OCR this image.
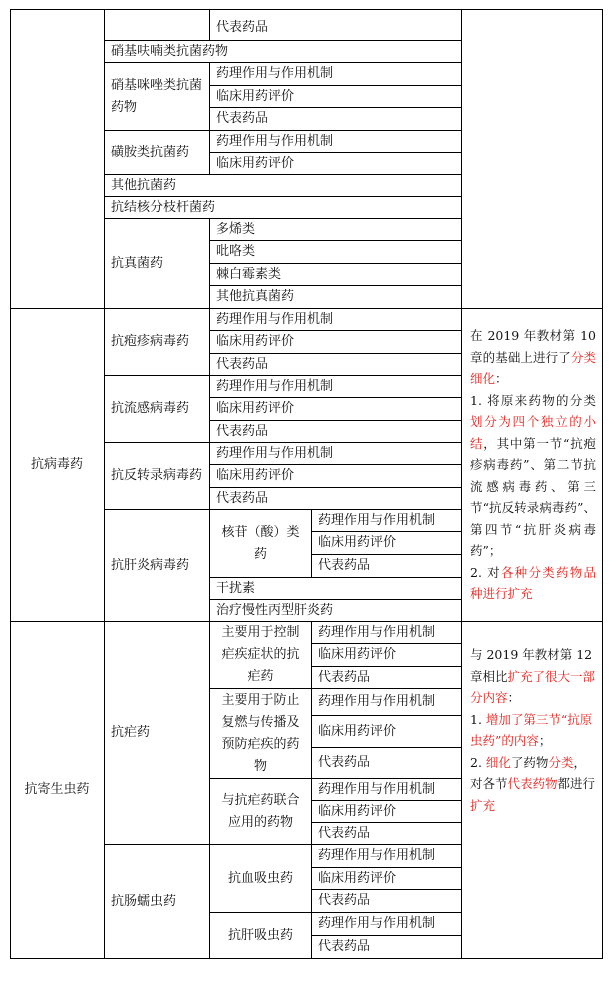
代表药品
硝基呋喃类抗菌药物
硝基咪唑类抗菌药物
药理作用与作用机制
临床用药评价
代表药品
磺胺类抗菌药
药理作用与作用机制
临床用药评价
其他抗菌药
抗结核分枝杆菌药
抗真菌药
多烯类
吡咯类
棘白霉素类
其他抗真菌药
抗病毒药
抗疱疹病毒药
药理作用与作用机制
临床用药评价
代表药品
抗流感病毒药
药理作用与作用机制
临床用药评价
代表药品
抗反转录病毒药
药理作用与作用机制
临床用药评价
代表药品
抗肝炎病毒药
核苷（酸）类药
药理作用与作用机制
临床用药评价
代表药品
干扰素
治疗慢性丙型肝炎药
在 2019 年教材第 10 章的基础上进行了分类细化：
1. 将原来药物的分类划分为四个独立的小结，其中第一节“抗疱疹病毒药”、第二节抗流感病毒药、第三节“抗反转录病毒药”、第四节“抗肝炎病毒药”；
2. 对各种分类药物品种进行扩充
抗寄生虫药
抗疟药
主要用于控制疟疾症状的抗疟药
药理作用与作用机制
临床用药评价
代表药品
主要用于防止复燃与传播及预防疟疾的药物
药理作用与作用机制
临床用药评价
代表药品
与抗疟药联合应用的药物
药理作用与作用机制
临床用药评价
代表药品
抗肠蠕虫药
抗血吸虫药
药理作用与作用机制
临床用药评价
代表药品
抗肝吸虫药
药理作用与作用机制
代表药品
与 2019 年教材第 12 章相比扩充了很大一部分内容：
1. 增加了第三节“抗原虫药”的内容；
2. 细化了药物分类，对各节代表药物都进行扩充
